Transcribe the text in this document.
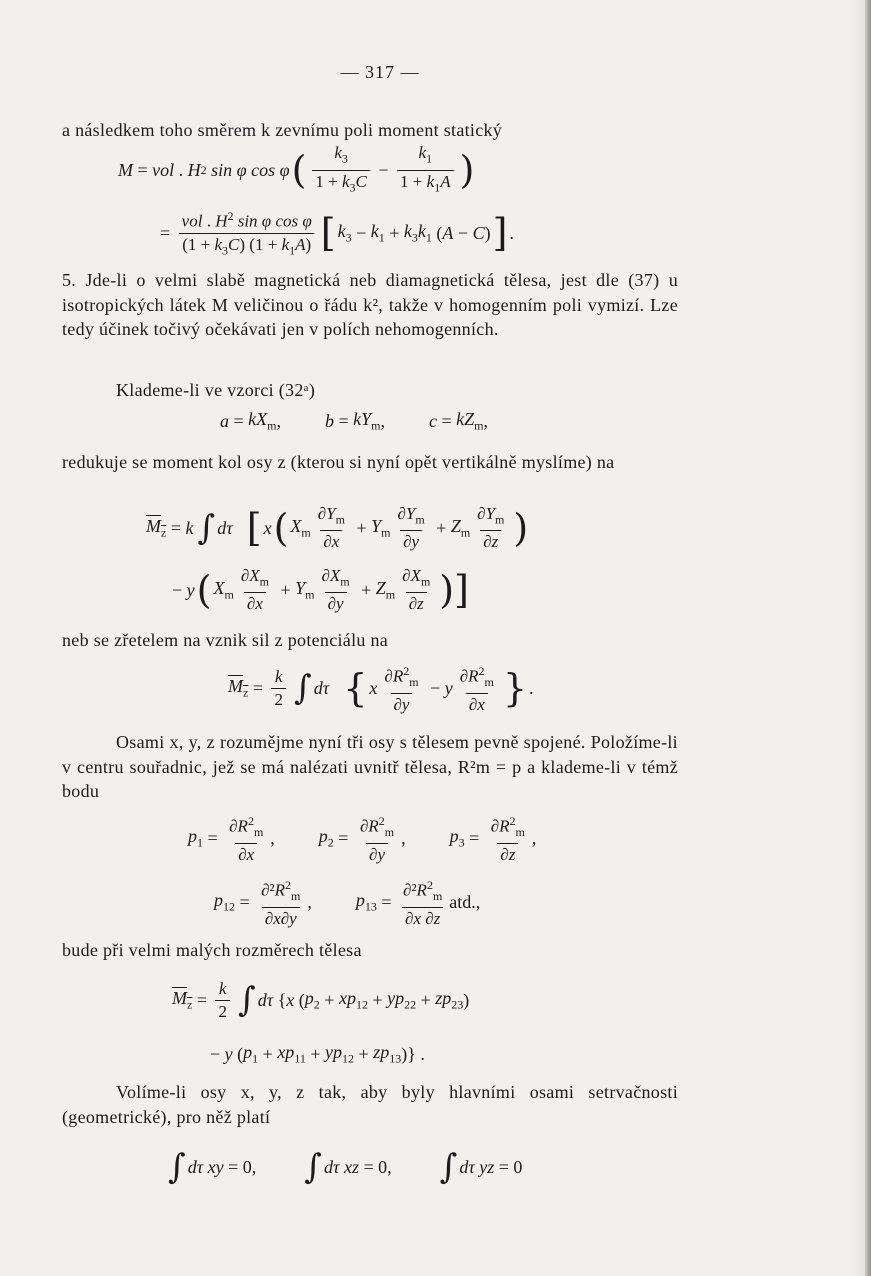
— 317 —

a následkem toho směrem k zevnímu poli moment statický

M = vol . H 2 sin φ cos φ ( $\frac{k_3}{1 + k_3C} - \frac{k_1}{1 + k_1A}$ )
= $\frac{vol . H^2 \sin \varphi \cos \varphi}{(1 + k_3C) (1 + k_1A)}$ [ $k_3 - k_1 + k_3k_1$ ( A − C ) ] .

5. Jde-li o velmi slabě magnetická neb diamagnetická tělesa, jest dle (37) u isotropických látek M veličinou o řádu k², takže v homogenním poli vymizí. Lze tedy účinek točivý očekávati jen v polích nehomogenních.

Klademe-li ve vzorci (32ᵃ)

$a = kX_m$ , $b = kY_m$ , $c = kZ_m$ ,

redukuje se moment kol osy z (kterou si nyní opět vertikálně myslíme) na

$M_z = k$ ∫ dτ [ x ( $X_m \frac{\partial Y_m}{\partial x} + Y_m \frac{\partial Y_m}{\partial y} + Z_m \frac{\partial Y_m}{\partial z}$ )
− y ( $X_m \frac{\partial X_m}{\partial x} + Y_m \frac{\partial X_m}{\partial y} + Z_m \frac{\partial X_m}{\partial z}$ )]

neb se zřetelem na vznik sil z potenciálu na

$M_z = \frac{k}{2}$ ∫ dτ { x $\frac{\partial R^2_m}{\partial y} - y \frac{\partial R^2_m}{\partial x}$ } .

Osami x, y, z rozumějme nyní tři osy s tělesem pevně spojené. Položíme-li v centru souřadnic, jež se má nalézati uvnitř tělesa, R²m = p a klademe-li v témž bodu

$p_1 = \frac{\partial R^2_m}{\partial x}$ , $p_2 = \frac{\partial R^2_m}{\partial y}$ , $p_3 = \frac{\partial R^2_m}{\partial z}$ ,
$p_{12} = \frac{\partial^2R^2_m}{\partial x\partial y}$ , $p_{13} = \frac{\partial^2R^2_m}{\partial x \partial z}$ atd.,

bude při velmi malých rozměrech tělesa

$M_z = \frac{k}{2}$ ∫ dτ { x ( $p_2 + xp_{12} + yp_{22} + zp_{23}$ )
− y ( $p_1 + xp_{11} + yp_{12} + zp_{13}$ )} .

Volíme-li osy x, y, z tak, aby byly hlavními osami setrvačnosti (geometrické), pro něž platí

∫ dτ xy = 0, ∫ dτ xz = 0, ∫ dτ yz = 0
